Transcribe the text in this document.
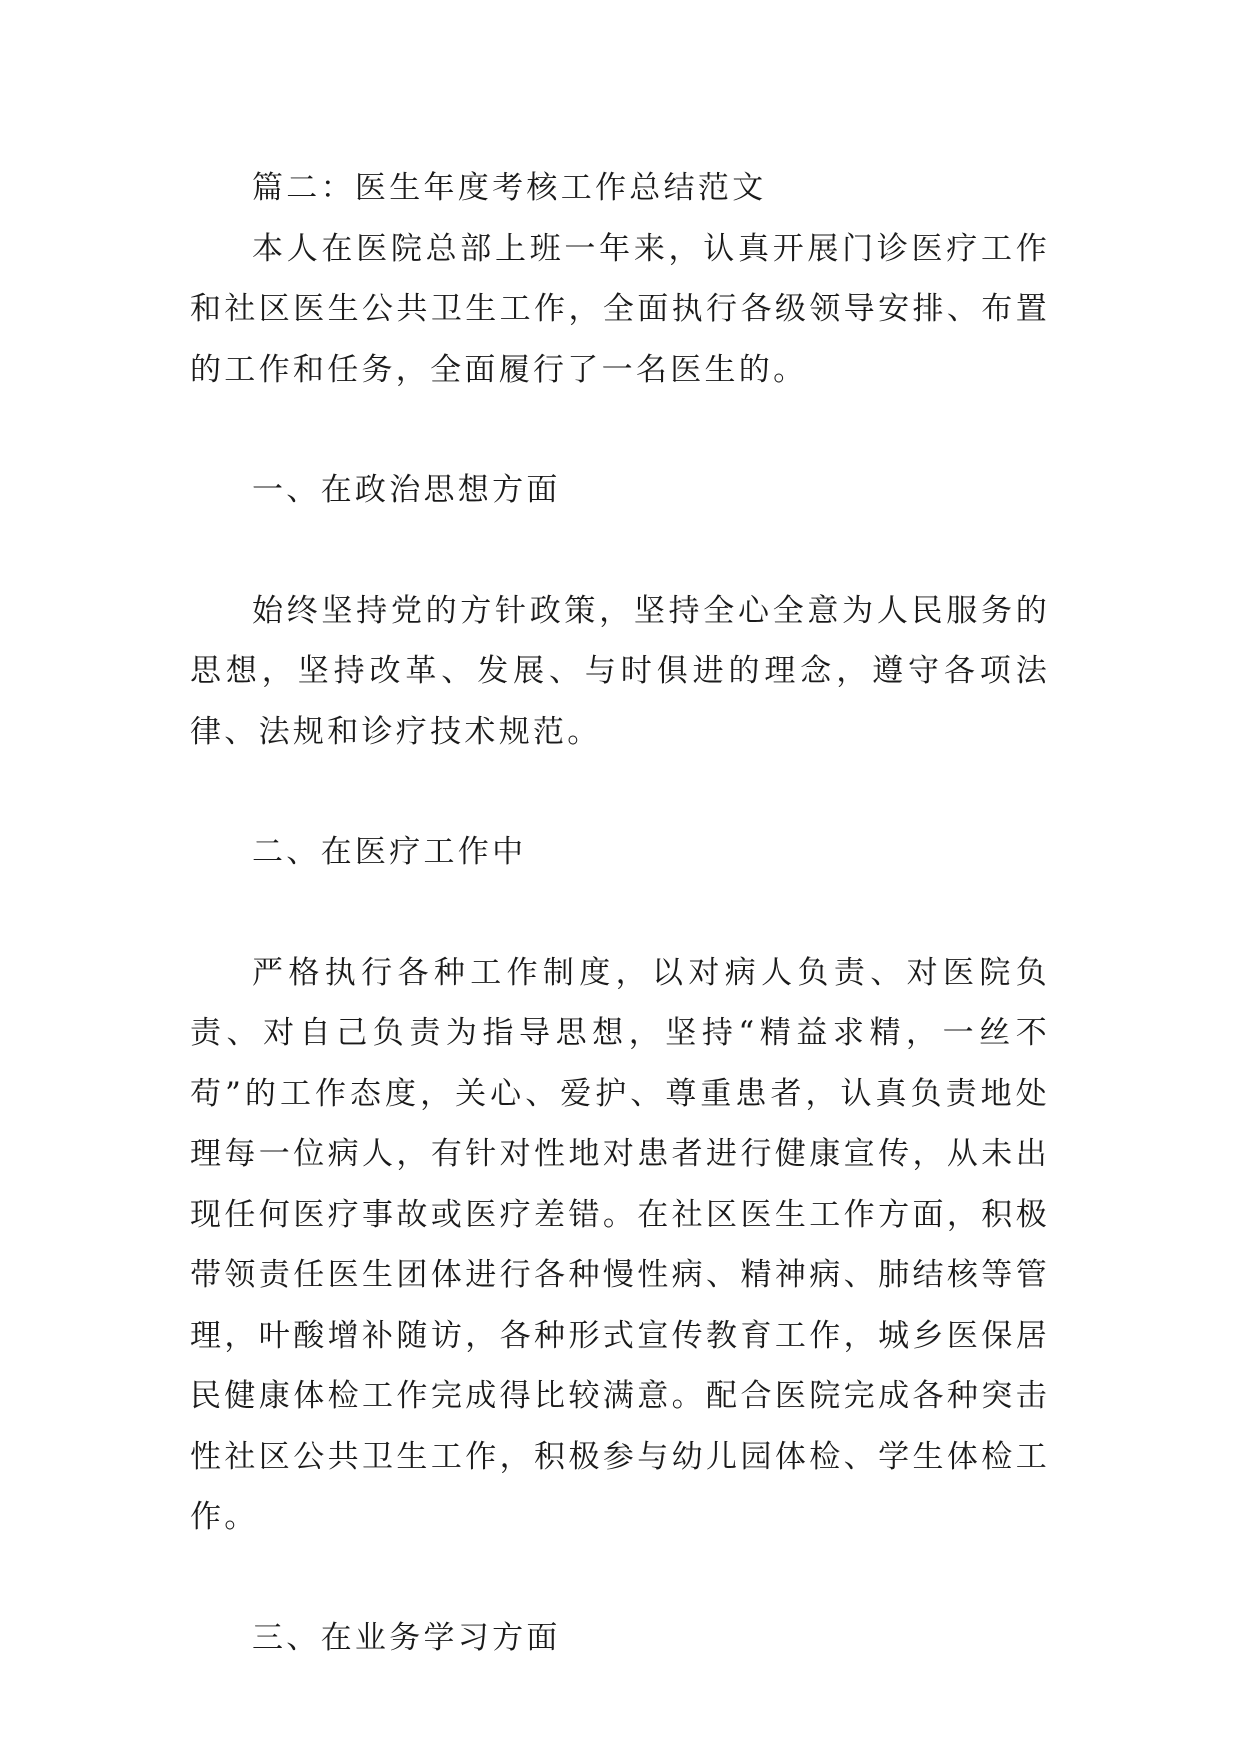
篇二：医生年度考核工作总结范文

本人在医院总部上班一年来，认真开展门诊医疗工作和社区医生公共卫生工作，全面执行各级领导安排、布置的工作和任务，全面履行了一名医生的。

一、在政治思想方面

始终坚持党的方针政策，坚持全心全意为人民服务的思想，坚持改革、发展、与时俱进的理念，遵守各项法律、法规和诊疗技术规范。

二、在医疗工作中

严格执行各种工作制度，以对病人负责、对医院负责、对自己负责为指导思想，坚持“精益求精，一丝不苟”的工作态度，关心、爱护、尊重患者，认真负责地处理每一位病人，有针对性地对患者进行健康宣传，从未出现任何医疗事故或医疗差错。在社区医生工作方面，积极带领责任医生团体进行各种慢性病、精神病、肺结核等管理，叶酸增补随访，各种形式宣传教育工作，城乡医保居民健康体检工作完成得比较满意。配合医院完成各种突击性社区公共卫生工作，积极参与幼儿园体检、学生体检工作。

三、在业务学习方面
